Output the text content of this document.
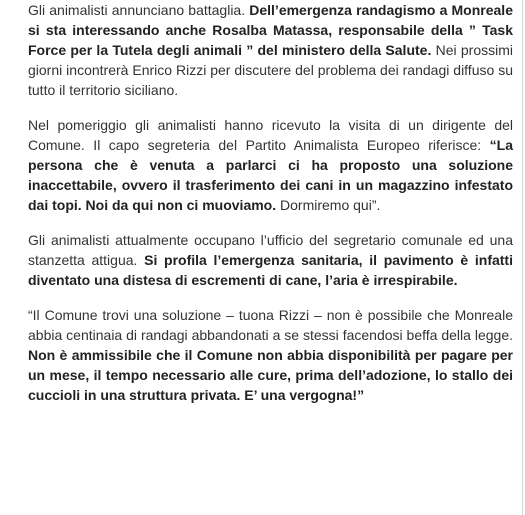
Gli animalisti annunciano battaglia. Dell’emergenza randagismo a Monreale si sta interessando anche Rosalba Matassa, responsabile della ” Task Force per la Tutela degli animali ” del ministero della Salute. Nei prossimi giorni incontrerà Enrico Rizzi per discutere del problema dei randagi diffuso su tutto il territorio siciliano.

Nel pomeriggio gli animalisti hanno ricevuto la visita di un dirigente del Comune. Il capo segreteria del Partito Animalista Europeo riferisce: “La persona che è venuta a parlarci ci ha proposto una soluzione inaccettabile, ovvero il trasferimento dei cani in un magazzino infestato dai topi. Noi da qui non ci muoviamo. Dormiremo qui”.

Gli animalisti attualmente occupano l’ufficio del segretario comunale ed una stanzetta attigua. Si profila l’emergenza sanitaria, il pavimento è infatti diventato una distesa di escrementi di cane, l’aria è irrespirabile.

“Il Comune trovi una soluzione – tuona Rizzi – non è possibile che Monreale abbia centinaia di randagi abbandonati a se stessi facendosi beffa della legge. Non è ammissibile che il Comune non abbia disponibilità per pagare per un mese, il tempo necessario alle cure, prima dell’adozione, lo stallo dei cuccioli in una struttura privata. E’ una vergogna!”
